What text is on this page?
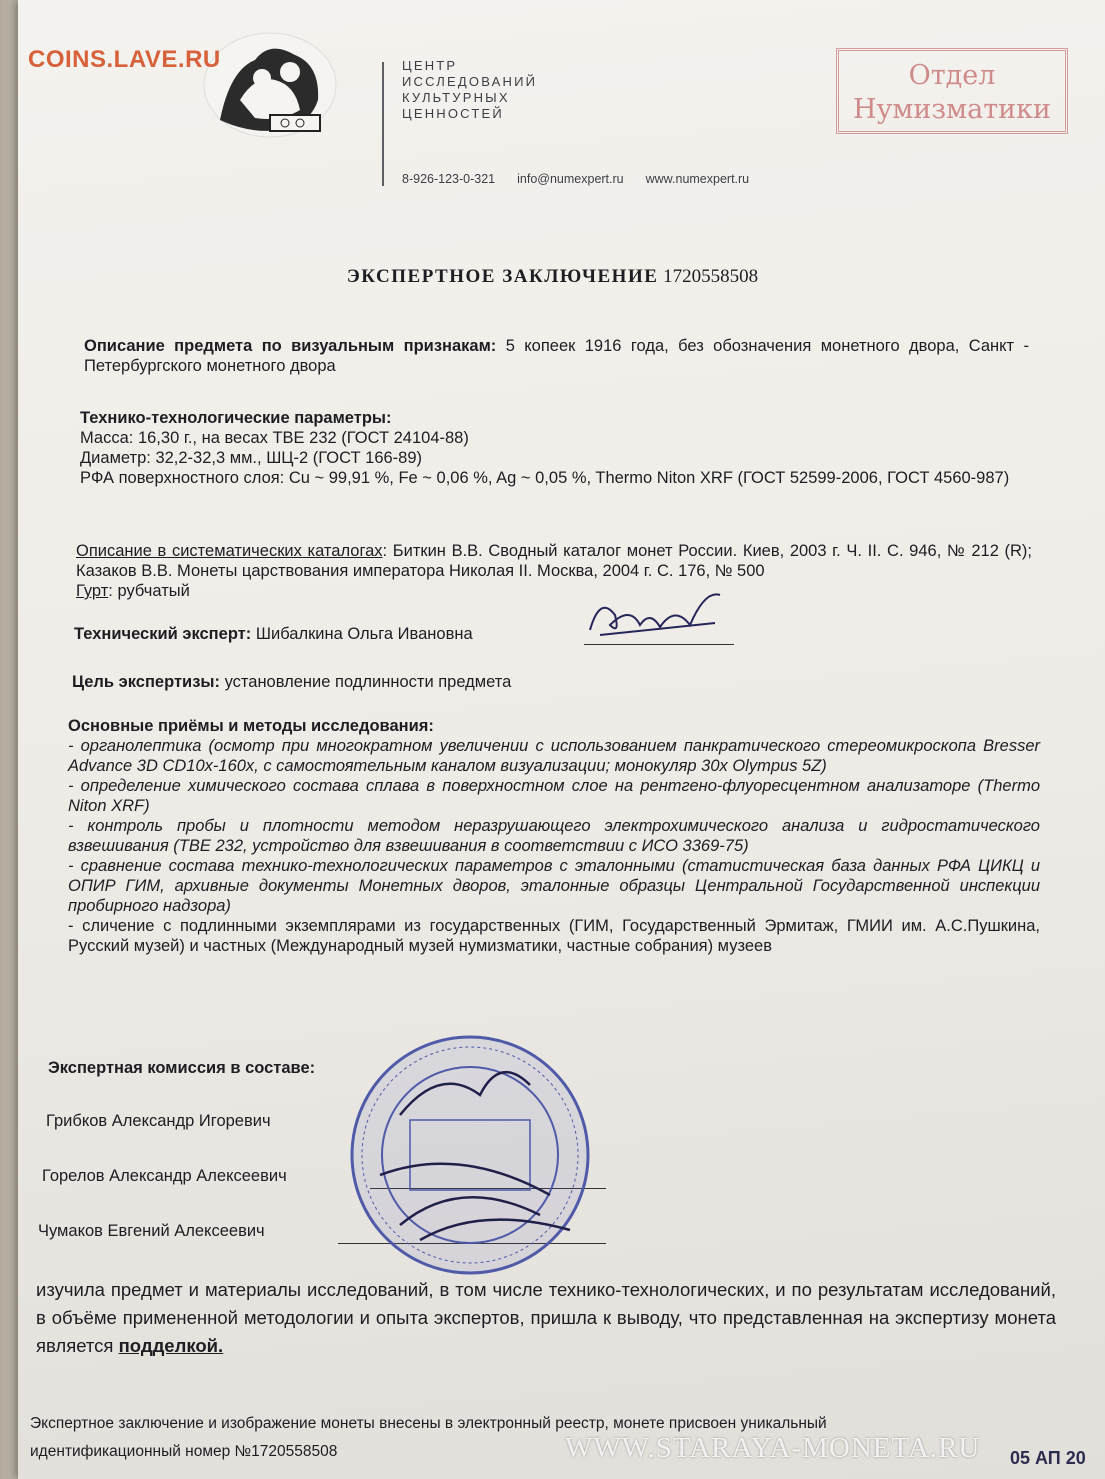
COINS.LAVE.RU	ЦЕНТР
ИССЛЕДОВАНИЙ
КУЛЬТУРНЫХ
ЦЕННОСТЕЙ
8-926-123-0-321 info@numexpert.ru www.numexpert.ru
Отдел
Нумизматики
ЭКСПЕРТНОЕ ЗАКЛЮЧЕНИЕ 1720558508
Описание предмета по визуальным признакам: 5 копеек 1916 года, без обозначения монетного двора, Санкт - Петербургского монетного двора
Технико-технологические параметры:
Масса: 16,30 г., на весах ТВЕ 232 (ГОСТ 24104-88)
Диаметр: 32,2-32,3 мм., ШЦ-2 (ГОСТ 166-89)
РФА поверхностного слоя: Cu ~ 99,91 %, Fe ~ 0,06 %, Ag ~ 0,05 %, Thermo Niton XRF (ГОСТ 52599-2006, ГОСТ 4560-987)
Описание в систематических каталогах: Биткин В.В. Сводный каталог монет России. Киев, 2003 г. Ч. II. С. 946, № 212 (R); Казаков В.В. Монеты царствования императора Николая II. Москва, 2004 г. С. 176, № 500
Гурт: рубчатый
Технический эксперт: Шибалкина Ольга Ивановна
Цель экспертизы: установление подлинности предмета
Основные приёмы и методы исследования:
- органолептика (осмотр при многократном увеличении с использованием панкратического стереомикроскопа Bresser Advance 3D CD10x-160x, с самостоятельным каналом визуализации; монокуляр 30x Olympus 5Z)
- определение химического состава сплава в поверхностном слое на рентгено-флуоресцентном анализаторе (Thermo Niton XRF)
- контроль пробы и плотности методом неразрушающего электрохимического анализа и гидростатического взвешивания (ТВЕ 232, устройство для взвешивания в соответствии с ИСО 3369-75)
- сравнение состава технико-технологических параметров с эталонными (статистическая база данных РФА ЦИКЦ и ОПИР ГИМ, архивные документы Монетных дворов, эталонные образцы Центральной Государственной инспекции пробирного надзора)
- сличение с подлинными экземплярами из государственных (ГИМ, Государственный Эрмитаж, ГМИИ им. А.С.Пушкина, Русский музей) и частных (Международный музей нумизматики, частные собрания) музеев
Экспертная комиссия в составе:
Грибков Александр Игоревич
Горелов Александр Алексеевич
Чумаков Евгений Алексеевич
изучила предмет и материалы исследований, в том числе технико-технологических, и по результатам исследований, в объёме примененной методологии и опыта экспертов, пришла к выводу, что представленная на экспертизу монета является подделкой.
Экспертное заключение и изображение монеты внесены в электронный реестр, монете присвоен уникальный
идентификационный номер №1720558508	WWW.STARAYA-MONETA.RU 05 АП 20
